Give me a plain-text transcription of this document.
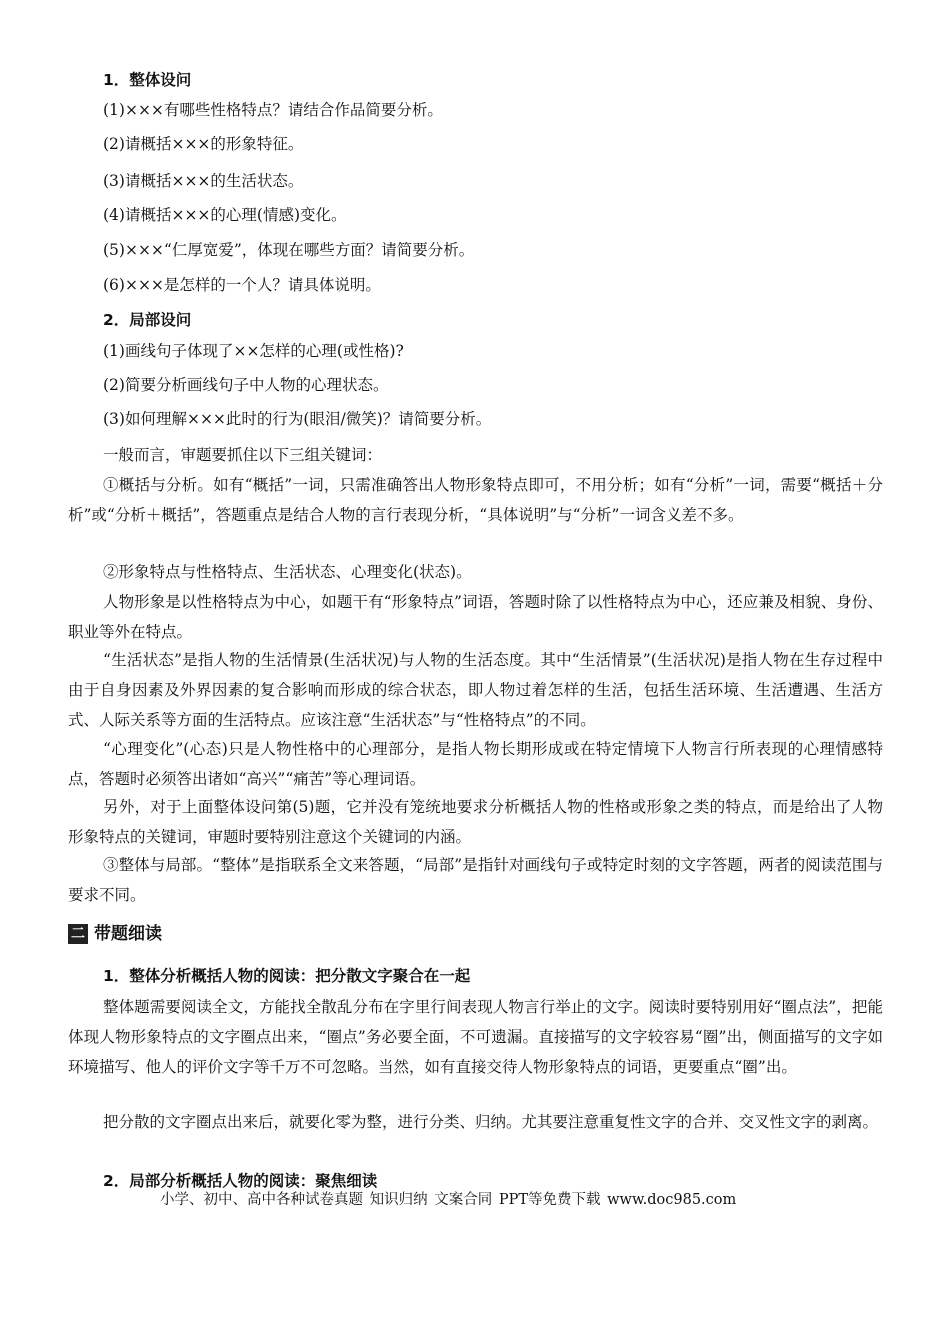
1．整体设问
(1)×××有哪些性格特点？请结合作品简要分析。
(2)请概括×××的形象特征。
(3)请概括×××的生活状态。
(4)请概括×××的心理(情感)变化。
(5)×××“仁厚宽爱”，体现在哪些方面？请简要分析。
(6)×××是怎样的一个人？请具体说明。
2．局部设问
(1)画线句子体现了××怎样的心理(或性格)?
(2)简要分析画线句子中人物的心理状态。
(3)如何理解×××此时的行为(眼泪/微笑)？请简要分析。
一般而言，审题要抓住以下三组关键词：
①概括与分析。如有“概括”一词，只需准确答出人物形象特点即可，不用分析；如有“分析”一词，需要“概括＋分析”或“分析＋概括”，答题重点是结合人物的言行表现分析，“具体说明”与“分析”一词含义差不多。
②形象特点与性格特点、生活状态、心理变化(状态)。
人物形象是以性格特点为中心，如题干有“形象特点”词语，答题时除了以性格特点为中心，还应兼及相貌、身份、职业等外在特点。
“生活状态”是指人物的生活情景(生活状况)与人物的生活态度。其中“生活情景”(生活状况)是指人物在生存过程中由于自身因素及外界因素的复合影响而形成的综合状态，即人物过着怎样的生活，包括生活环境、生活遭遇、生活方式、人际关系等方面的生活特点。应该注意“生活状态”与“性格特点”的不同。
“心理变化”(心态)只是人物性格中的心理部分，是指人物长期形成或在特定情境下人物言行所表现的心理情感特点，答题时必须答出诸如“高兴”“痛苦”等心理词语。
另外，对于上面整体设问第(5)题，它并没有笼统地要求分析概括人物的性格或形象之类的特点，而是给出了人物形象特点的关键词，审题时要特别注意这个关键词的内涵。
③整体与局部。“整体”是指联系全文来答题，“局部”是指针对画线句子或特定时刻的文字答题，两者的阅读范围与要求不同。
二 带题细读
1．整体分析概括人物的阅读：把分散文字聚合在一起
整体题需要阅读全文，方能找全散乱分布在字里行间表现人物言行举止的文字。阅读时要特别用好“圈点法”，把能体现人物形象特点的文字圈点出来，“圈点”务必要全面，不可遗漏。直接描写的文字较容易“圈”出，侧面描写的文字如环境描写、他人的评价文字等千万不可忽略。当然，如有直接交待人物形象特点的词语，更要重点“圈”出。
把分散的文字圈点出来后，就要化零为整，进行分类、归纳。尤其要注意重复性文字的合并、交叉性文字的剥离。
2．局部分析概括人物的阅读：聚焦细读
小学、初中、高中各种试卷真题 知识归纳 文案合同 PPT等免费下载 www.doc985.com
